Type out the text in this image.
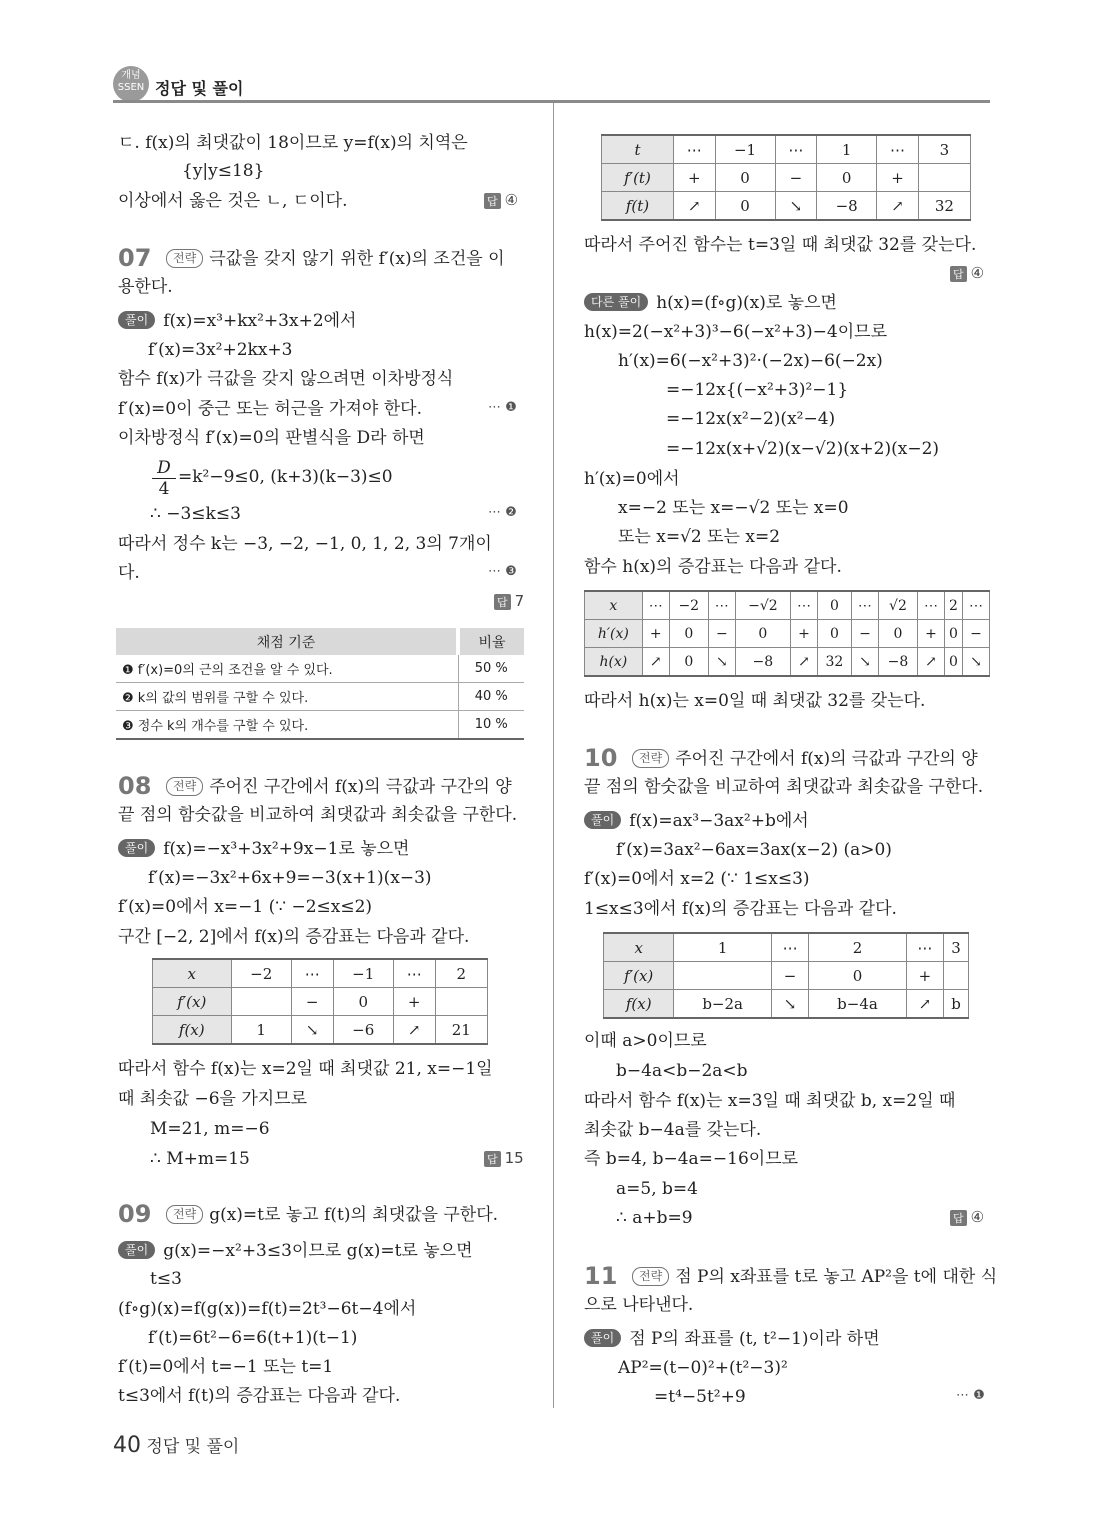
개념 SSEN 정답 및 풀이
ㄷ. f(x)의 최댓값이 18이므로 y=f(x)의 치역은
{y|y≤18}
이상에서 옳은 것은 ㄴ, ㄷ이다.	답 ④
07	전략 극값을 갖지 않기 위한 f′(x)의 조건을 이
용한다.
풀이 f(x)=x³+kx²+3x+2에서
f′(x)=3x²+2kx+3
함수 f(x)가 극값을 갖지 않으려면 이차방정식
f′(x)=0이 중근 또는 허근을 가져야 한다.	⋯ ❶
이차방정식 f′(x)=0의 판별식을 D라 하면
D
4
=k²−9≤0, (k+3)(k−3)≤0
∴ −3≤k≤3	⋯ ❷
따라서 정수 k는 −3, −2, −1, 0, 1, 2, 3의 7개이
다.	⋯ ❸
답 7
채점 기준	비율
❶ f′(x)=0의 근의 조건을 알 수 있다.	50 %
❷ k의 값의 범위를 구할 수 있다.	40 %
❸ 정수 k의 개수를 구할 수 있다.	10 %
08	전략 주어진 구간에서 f(x)의 극값과 구간의 양
끝 점의 함숫값을 비교하여 최댓값과 최솟값을 구한다.
풀이 f(x)=−x³+3x²+9x−1로 놓으면
f′(x)=−3x²+6x+9=−3(x+1)(x−3)
f′(x)=0에서 x=−1 (∵ −2≤x≤2)
구간 [−2, 2]에서 f(x)의 증감표는 다음과 같다.
x	−2	⋯	−1	⋯	2
f′(x)		−	0	+	
f(x)	1	↘	−6	↗	21
따라서 함수 f(x)는 x=2일 때 최댓값 21, x=−1일
때 최솟값 −6을 가지므로
M=21, m=−6
∴ M+m=15	답 15
09	전략 g(x)=t로 놓고 f(t)의 최댓값을 구한다.
풀이 g(x)=−x²+3≤3이므로 g(x)=t로 놓으면
t≤3
(f∘g)(x)=f(g(x))=f(t)=2t³−6t−4에서
f′(t)=6t²−6=6(t+1)(t−1)
f′(t)=0에서 t=−1 또는 t=1
t≤3에서 f(t)의 증감표는 다음과 같다.
t	⋯	−1	⋯	1	⋯	3
f′(t)	+	0	−	0	+	
f(t)	↗	0	↘	−8	↗	32
따라서 주어진 함수는 t=3일 때 최댓값 32를 갖는다.
답 ④
다른 풀이 h(x)=(f∘g)(x)로 놓으면
h(x)=2(−x²+3)³−6(−x²+3)−4이므로
h′(x)=6(−x²+3)²·(−2x)−6(−2x)
=−12x{(−x²+3)²−1}
=−12x(x²−2)(x²−4)
=−12x(x+√2)(x−√2)(x+2)(x−2)
h′(x)=0에서
x=−2 또는 x=−√2 또는 x=0
또는 x=√2 또는 x=2
함수 h(x)의 증감표는 다음과 같다.
x	⋯	−2	⋯	−√2	⋯	0	⋯	√2	⋯	2	⋯
h′(x)	+	0	−	0	+	0	−	0	+	0	−
h(x)	↗	0	↘	−8	↗	32	↘	−8	↗	0	↘
따라서 h(x)는 x=0일 때 최댓값 32를 갖는다.
10	전략 주어진 구간에서 f(x)의 극값과 구간의 양
끝 점의 함숫값을 비교하여 최댓값과 최솟값을 구한다.
풀이 f(x)=ax³−3ax²+b에서
f′(x)=3ax²−6ax=3ax(x−2) (a>0)
f′(x)=0에서 x=2 (∵ 1≤x≤3)
1≤x≤3에서 f(x)의 증감표는 다음과 같다.
x	1	⋯	2	⋯	3
f′(x)		−	0	+	
f(x)	b−2a	↘	b−4a	↗	b
이때 a>0이므로
b−4a<b−2a<b
따라서 함수 f(x)는 x=3일 때 최댓값 b, x=2일 때
최솟값 b−4a를 갖는다.
즉 b=4, b−4a=−16이므로
a=5, b=4
∴ a+b=9	답 ④
11	전략 점 P의 x좌표를 t로 놓고 AP²을 t에 대한 식
으로 나타낸다.
풀이 점 P의 좌표를 (t, t²−1)이라 하면
AP²=(t−0)²+(t²−3)²
=t⁴−5t²+9	⋯ ❶
40 정답 및 풀이
